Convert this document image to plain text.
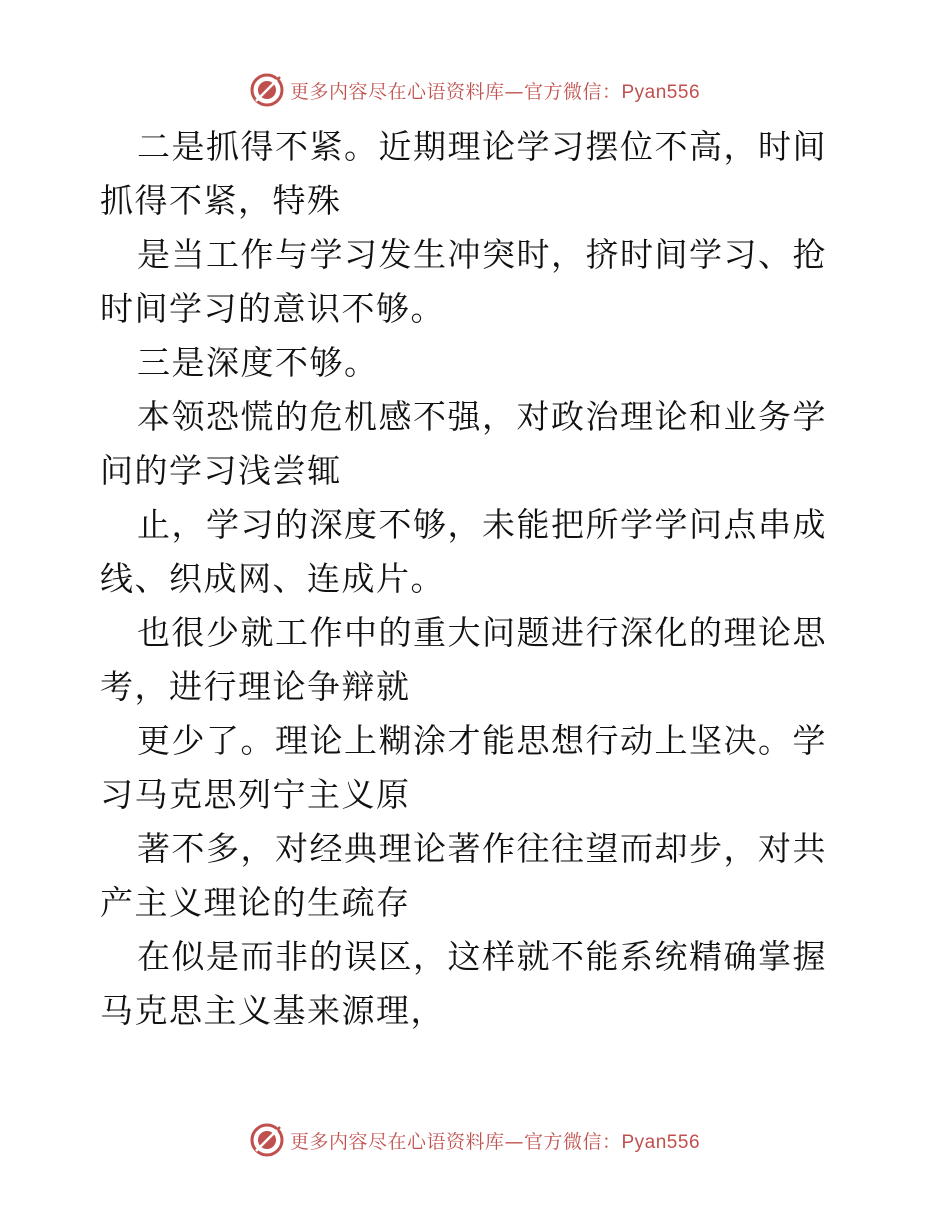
更多内容尽在心语资料库—官方微信：Pyan556

二是抓得不紧。近期理论学习摆位不高，时间抓得不紧，特殊

是当工作与学习发生冲突时，挤时间学习、抢时间学习的意识不够。

三是深度不够。

本领恐慌的危机感不强，对政治理论和业务学问的学习浅尝辄

止，学习的深度不够，未能把所学学问点串成线、织成网、连成片。

也很少就工作中的重大问题进行深化的理论思考，进行理论争辩就

更少了。理论上糊涂才能思想行动上坚决。学习马克思列宁主义原

著不多，对经典理论著作往往望而却步，对共产主义理论的生疏存

在似是而非的误区，这样就不能系统精确掌握马克思主义基来源理，

更多内容尽在心语资料库—官方微信：Pyan556
